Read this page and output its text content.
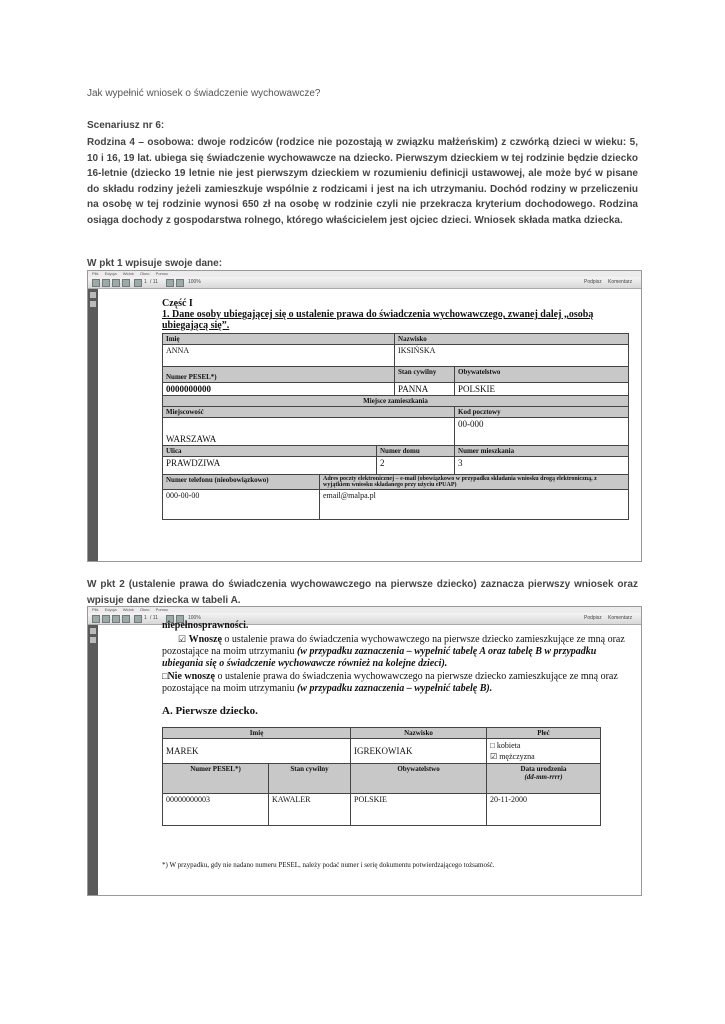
Jak wypełnić wniosek o świadczenie wychowawcze?
Scenariusz nr 6:
Rodzina 4 – osobowa: dwoje rodziców (rodzice nie pozostają w związku małżeńskim) z czwórką dzieci w wieku: 5, 10 i 16, 19 lat. ubiega się świadczenie wychowawcze na dziecko. Pierwszym dzieckiem w tej rodzinie będzie dziecko 16-letnie (dziecko 19 letnie nie jest pierwszym dzieckiem w rozumieniu definicji ustawowej, ale może być w pisane do składu rodziny jeżeli zamieszkuje wspólnie z rodzicami i jest na ich utrzymaniu. Dochód rodziny w przeliczeniu na osobę w tej rodzinie wynosi 650 zł na osobę w rodzinie czyli nie przekracza kryterium dochodowego. Rodzina osiąga dochody z gospodarstwa rolnego, którego właścicielem jest ojciec dzieci. Wniosek składa matka dziecka.
W pkt 1 wpisuje swoje dane:
Plik Edycja Widok Okno Pomoc
1 / 11	100%	Podpisz Komentarz
Część I
1. Dane osoby ubiegającej się o ustalenie prawa do świadczenia wychowawczego, zwanej dalej „osobą ubiegającą się”.
Imię			Nazwisko	
ANNA			IKSIŃSKA	
Numer PESEL*)			Stan cywilny	Obywatelstwo
0000000000			PANNA	POLSKIE
Miejsce zamieszkania				
Miejscowość				Kod pocztowy
WARSZAWA				00-000
Ulica		Numer domu		Numer mieszkania
PRAWDZIWA		2		3
Numer telefonu (nieobowiązkowo)	Adres poczty elektronicznej – e-mail (obowiązkowo w przypadku składania wniosku drogą elektroniczną, z wyjątkiem wniosku składanego przy użyciu ePUAP)			
000-00-00	email@malpa.pl			
W pkt 2 (ustalenie prawa do świadczenia wychowawczego na pierwsze dziecko) zaznacza pierwszy wniosek oraz wpisuje dane dziecka w tabeli A.
Plik Edycja Widok Okno Pomoc
1 / 11	100%	Podpisz Komentarz
niepełnosprawności.
☑ Wnoszę o ustalenie prawa do świadczenia wychowawczego na pierwsze dziecko zamieszkujące ze mną oraz pozostające na moim utrzymaniu (w przypadku zaznaczenia – wypełnić tabelę A oraz tabelę B w przypadku ubiegania się o świadczenie wychowawcze również na kolejne dzieci).
□Nie wnoszę o ustalenie prawa do świadczenia wychowawczego na pierwsze dziecko zamieszkujące ze mną oraz pozostające na moim utrzymaniu (w przypadku zaznaczenia – wypełnić tabelę B).
A. Pierwsze dziecko.
Imię		Nazwisko	Płeć
MAREK		IGREKOWIAK	□ kobieta
☑ mężczyzna

Numer PESEL*)	Stan cywilny	Obywatelstwo	Data urodzenia
(dd-mm-rrrr)

00000000003	KAWALER	POLSKIE	20-11-2000
*) W przypadku, gdy nie nadano numeru PESEL, należy podać numer i serię dokumentu potwierdzającego tożsamość.
